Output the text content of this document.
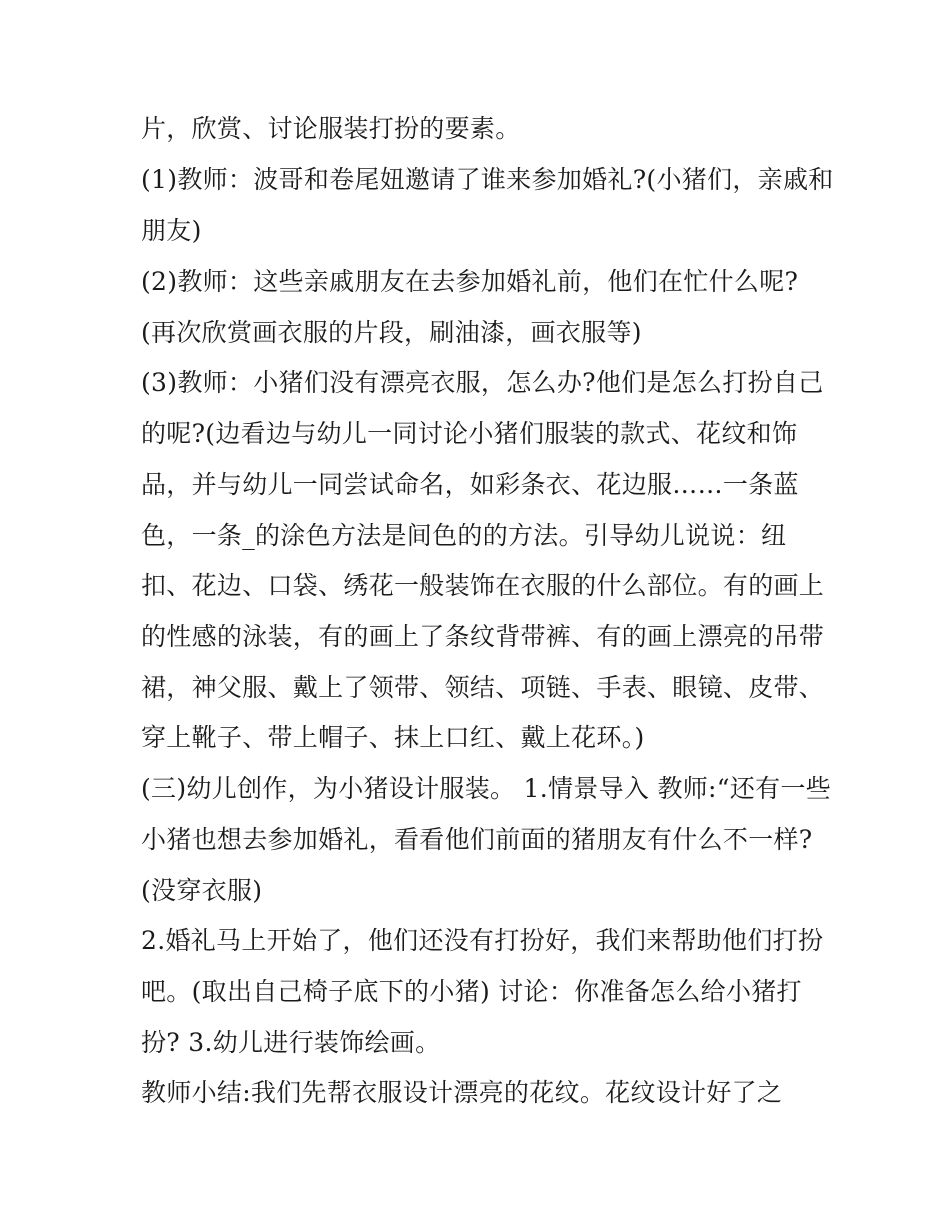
片，欣赏、讨论服装打扮的要素。
(1)教师：波哥和卷尾妞邀请了谁来参加婚礼?(小猪们，亲戚和
朋友)
(2)教师：这些亲戚朋友在去参加婚礼前，他们在忙什么呢?
(再次欣赏画衣服的片段，刷油漆，画衣服等)
(3)教师：小猪们没有漂亮衣服，怎么办?他们是怎么打扮自己
的呢?(边看边与幼儿一同讨论小猪们服装的款式、花纹和饰
品，并与幼儿一同尝试命名，如彩条衣、花边服……一条蓝
色，一条_的涂色方法是间色的的方法。引导幼儿说说：纽
扣、花边、口袋、绣花一般装饰在衣服的什么部位。有的画上
的性感的泳装，有的画上了条纹背带裤、有的画上漂亮的吊带
裙，神父服、戴上了领带、领结、项链、手表、眼镜、皮带、
穿上靴子、带上帽子、抹上口红、戴上花环。)
(三)幼儿创作，为小猪设计服装。 1.情景导入 教师:“还有一些
小猪也想去参加婚礼，看看他们前面的猪朋友有什么不一样?
(没穿衣服)
2.婚礼马上开始了，他们还没有打扮好，我们来帮助他们打扮
吧。(取出自己椅子底下的小猪) 讨论：你准备怎么给小猪打
扮? 3.幼儿进行装饰绘画。
教师小结:我们先帮衣服设计漂亮的花纹。花纹设计好了之
